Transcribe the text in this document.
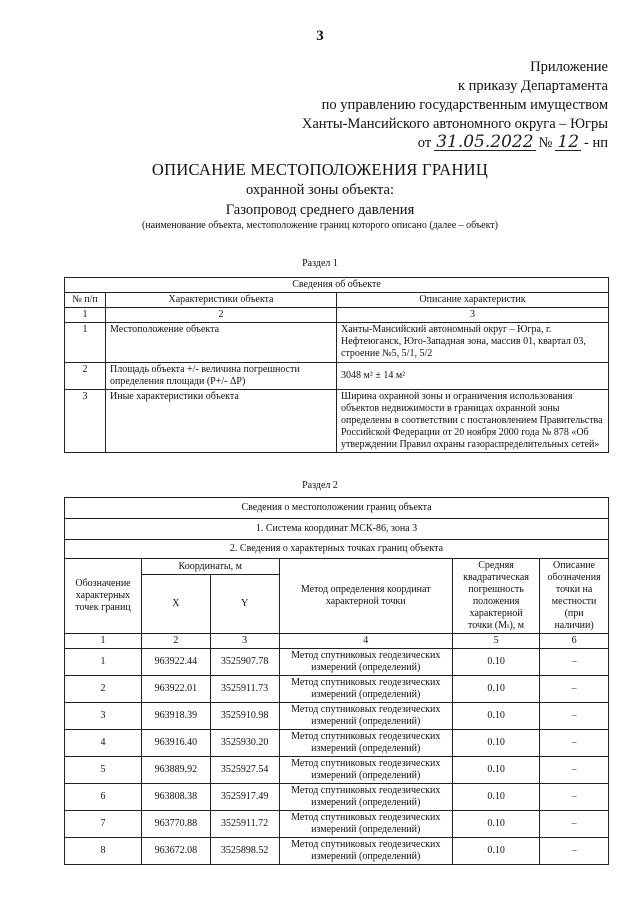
3
Приложение
к приказу Департамента
по управлению государственным имуществом
Ханты-Мансийского автономного округа – Югры
от 31.05.2022 № 12 - нп
ОПИСАНИЕ МЕСТОПОЛОЖЕНИЯ ГРАНИЦ
охранной зоны объекта:
Газопровод среднего давления
(наименование объекта, местоположение границ которого описано (далее – объект)
Раздел 1
Сведения об объекте		
№ п/п	Характеристики объекта	Описание характеристик
1	2	3
1	Местоположение объекта	Ханты-Мансийский автономный округ – Югра, г. Нефтеюганск, Юго-Западная зона, массив 01, квартал 03, строение №5, 5/1, 5/2
2	Площадь объекта +/- величина погрешности определения площади (P+/- ΔP)	3048 м² ± 14 м²
3	Иные характеристики объекта	Ширина охранной зоны и ограничения использования объектов недвижимости в границах охранной зоны определены в соответствии с постановлением Правительства Российской Федерации от 20 ноября 2000 года № 878 «Об утверждении Правил охраны газораспределительных сетей»
Раздел 2
Сведения о местоположении границ объекта					
1. Система координат МСК-86, зона 3					
2. Сведения о характерных точках границ объекта					
Обозначение характерных точек границ	Координаты, м		Метод определения координат характерной точки	Средняя квадратическая погрешность положения характерной точки (Mₜ), м	Описание обозначения точки на местности (при наличии)
	X	Y			
1	2	3	4	5	6
1	963922.44	3525907.78	Метод спутниковых геодезических измерений (определений)	0.10	–
2	963922.01	3525911.73	Метод спутниковых геодезических измерений (определений)	0.10	–
3	963918.39	3525910.98	Метод спутниковых геодезических измерений (определений)	0.10	–
4	963916.40	3525930.20	Метод спутниковых геодезических измерений (определений)	0.10	–
5	963889.92	3525927.54	Метод спутниковых геодезических измерений (определений)	0.10	–
6	963808.38	3525917.49	Метод спутниковых геодезических измерений (определений)	0.10	–
7	963770.88	3525911.72	Метод спутниковых геодезических измерений (определений)	0.10	–
8	963672.08	3525898.52	Метод спутниковых геодезических измерений (определений)	0.10	–
